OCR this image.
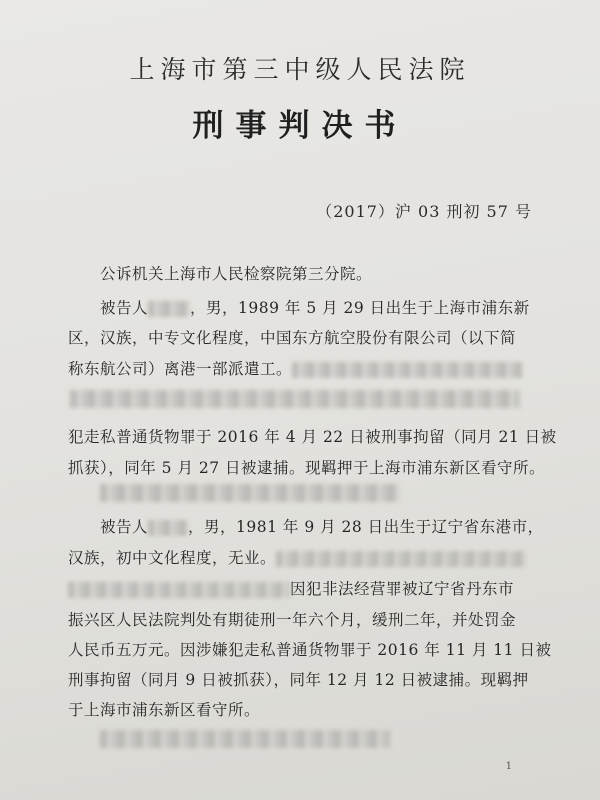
上海市第三中级人民法院
刑事判决书
（2017）沪 03 刑初 57 号
公诉机关上海市人民检察院第三分院。
被告人	，男，1989 年 5 月 29 日出生于上海市浦东新
区，汉族，中专文化程度，中国东方航空股份有限公司（以下简
称东航公司）离港一部派遣工。
犯走私普通货物罪于 2016 年 4 月 22 日被刑事拘留（同月 21 日被
抓获），同年 5 月 27 日被逮捕。现羁押于上海市浦东新区看守所。
被告人	，男，1981 年 9 月 28 日出生于辽宁省东港市，
汉族，初中文化程度，无业。
因犯非法经营罪被辽宁省丹东市
振兴区人民法院判处有期徒刑一年六个月，缓刑二年，并处罚金
人民币五万元。因涉嫌犯走私普通货物罪于 2016 年 11 月 11 日被
刑事拘留（同月 9 日被抓获），同年 12 月 12 日被逮捕。现羁押
于上海市浦东新区看守所。
1
